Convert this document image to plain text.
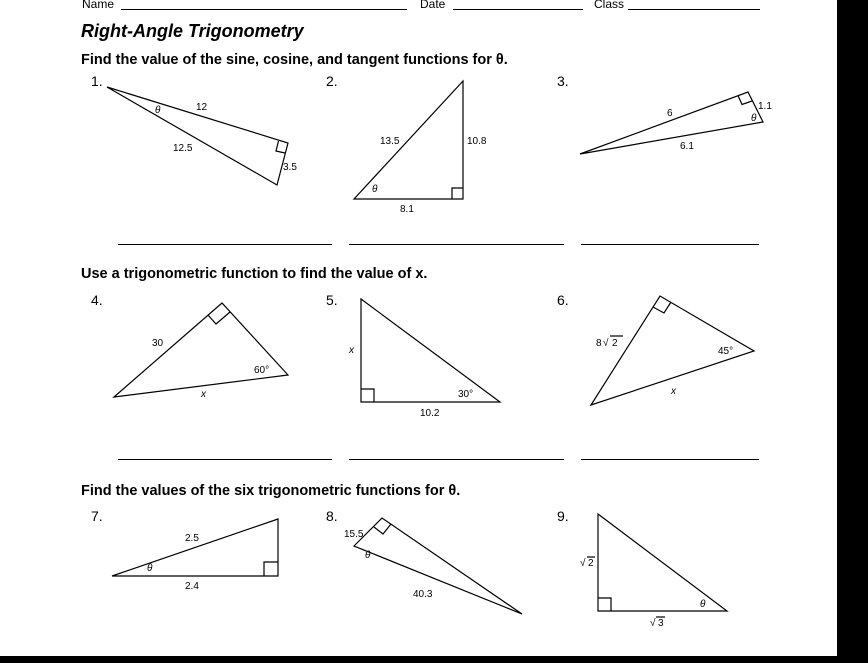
Name	Date	Class
Right-Angle Trigonometry
Find the value of the sine, cosine, and tangent functions for θ.
Use a trigonometric function to find the value of x.
Find the values of the six trigonometric functions for θ.
1.	2.	3.
4.	5.	6.
7.	8.	9.
12
θ
12.5
3.5
13.5	10.8
8.1
θ
6
1.1
6.1
θ
30
60°
x
x
30°
10.2
8 √ 2
45°
x
2.5
θ
2.4
15.5
θ
40.3
√ 2
θ
√ 3
